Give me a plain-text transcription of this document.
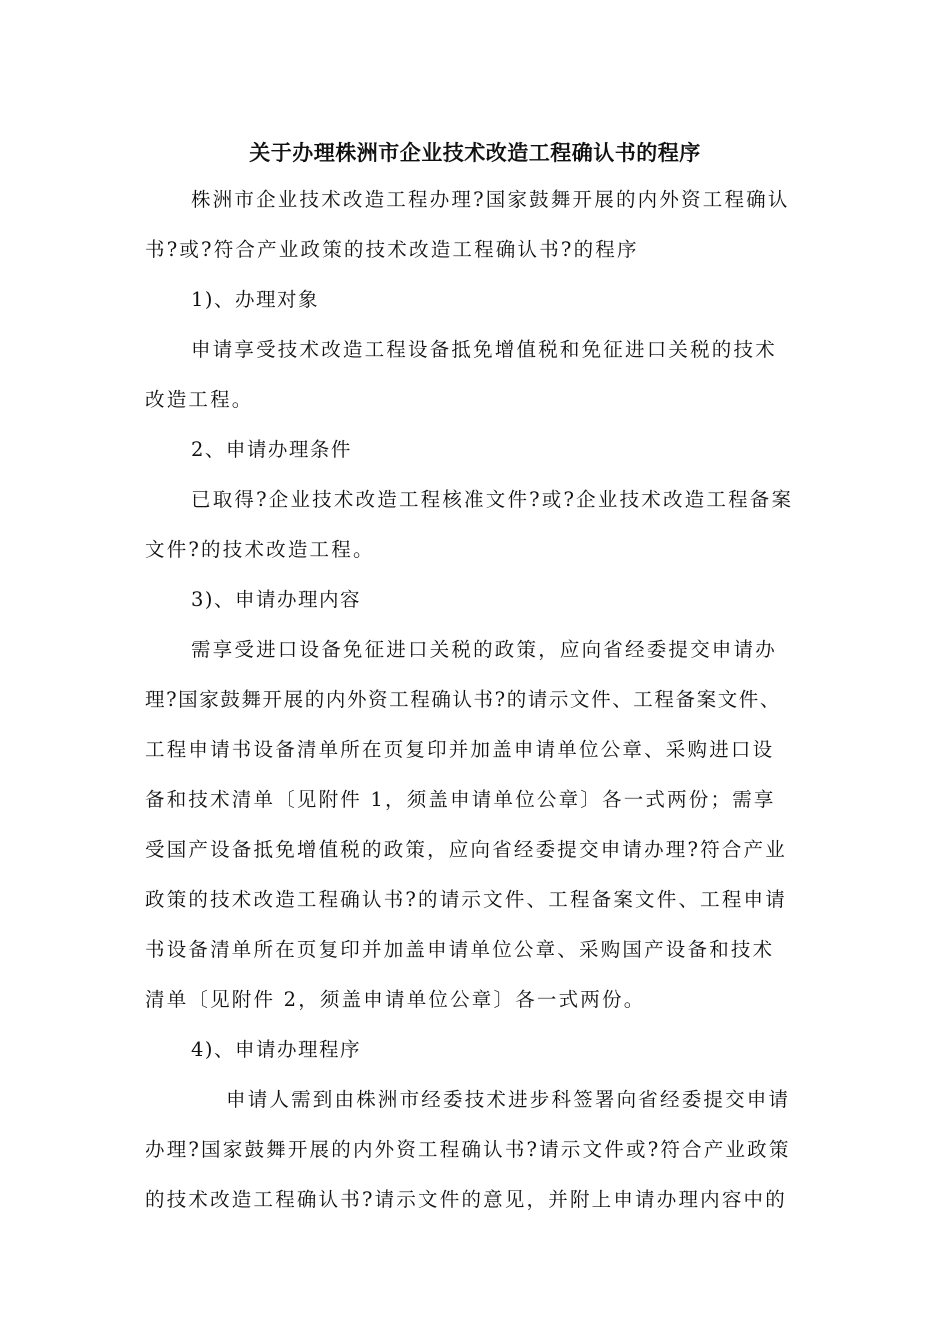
关于办理株洲市企业技术改造工程确认书的程序
株洲市企业技术改造工程办理?国家鼓舞开展的内外资工程确认
书?或?符合产业政策的技术改造工程确认书?的程序
1)、办理对象
申请享受技术改造工程设备抵免增值税和免征进口关税的技术
改造工程。
2、申请办理条件
已取得?企业技术改造工程核准文件?或?企业技术改造工程备案
文件?的技术改造工程。
3)、申请办理内容
需享受进口设备免征进口关税的政策，应向省经委提交申请办
理?国家鼓舞开展的内外资工程确认书?的请示文件、工程备案文件、
工程申请书设备清单所在页复印并加盖申请单位公章、采购进口设
备和技术清单〔见附件 1，须盖申请单位公章〕各一式两份；需享
受国产设备抵免增值税的政策，应向省经委提交申请办理?符合产业
政策的技术改造工程确认书?的请示文件、工程备案文件、工程申请
书设备清单所在页复印并加盖申请单位公章、采购国产设备和技术
清单〔见附件 2，须盖申请单位公章〕各一式两份。
4)、申请办理程序
申请人需到由株洲市经委技术进步科签署向省经委提交申请
办理?国家鼓舞开展的内外资工程确认书?请示文件或?符合产业政策
的技术改造工程确认书?请示文件的意见，并附上申请办理内容中的
